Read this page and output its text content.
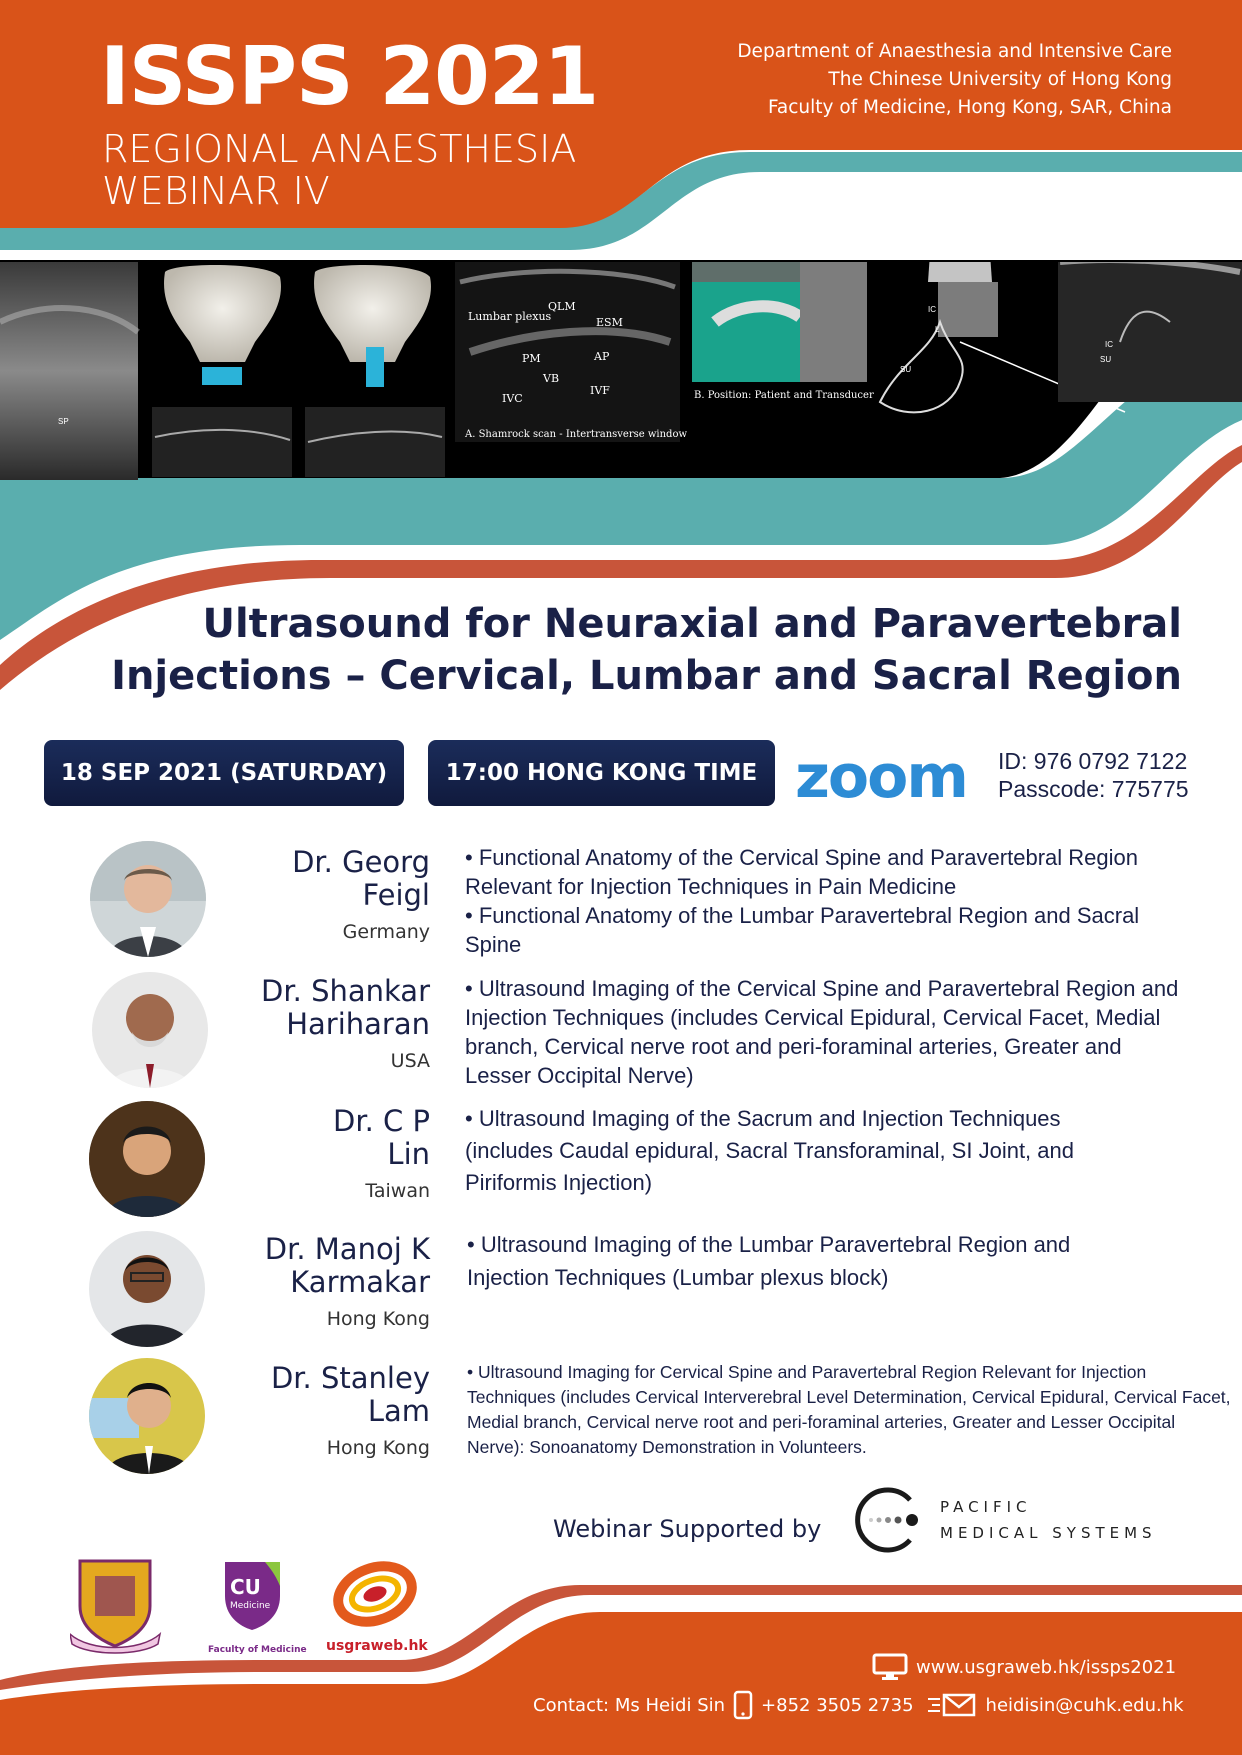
ISSPS 2021
REGIONAL ANAESTHESIA
WEBINAR IV
Department of Anaesthesia and Intensive Care
The Chinese University of Hong Kong
Faculty of Medicine, Hong Kong, SAR, China
SP
Lumbar plexus
QLM
ESM
PM	AP
VB
IVC
IVF
A. Shamrock scan - Intertransverse window
B. Position: Patient and Transducer
IC
L
SU
IC
SU
Ultrasound for Neuraxial and Paravertebral
Injections – Cervical, Lumbar and Sacral Region
18 SEP 2021 (SATURDAY)	17:00 HONG KONG TIME zoom ID: 976 0792 7122
Passcode: 775775
Dr. Georg
Feigl
Germany
• Functional Anatomy of the Cervical Spine and Paravertebral Region Relevant for Injection Techniques in Pain Medicine
• Functional Anatomy of the Lumbar Paravertebral Region and Sacral Spine
Dr. Shankar
Hariharan
USA
• Ultrasound Imaging of the Cervical Spine and Paravertebral Region and Injection Techniques (includes Cervical Epidural, Cervical Facet, Medial branch, Cervical nerve root and peri-foraminal arteries, Greater and Lesser Occipital Nerve)
Dr. C P
Lin
Taiwan
• Ultrasound Imaging of the Sacrum and Injection Techniques (includes Caudal epidural, Sacral Transforaminal, SI Joint, and Piriformis Injection)
Dr. Manoj K
Karmakar
Hong Kong
• Ultrasound Imaging of the Lumbar Paravertebral Region and Injection Techniques (Lumbar plexus block)
Dr. Stanley
Lam
Hong Kong
• Ultrasound Imaging for Cervical Spine and Paravertebral Region Relevant for Injection Techniques (includes Cervical Interverebral Level Determination, Cervical Epidural, Cervical Facet, Medial branch, Cervical nerve root and peri-foraminal arteries, Greater and Lesser Occipital Nerve): Sonoanatomy Demonstration in Volunteers.
Webinar Supported by
PACIFIC
MEDICAL SYSTEMS
CU
Medicine
Faculty of Medicine usgraweb.hk
www.usgraweb.hk/issps2021
Contact: Ms Heidi Sin +852 3505 2735	heidisin@cuhk.edu.hk
